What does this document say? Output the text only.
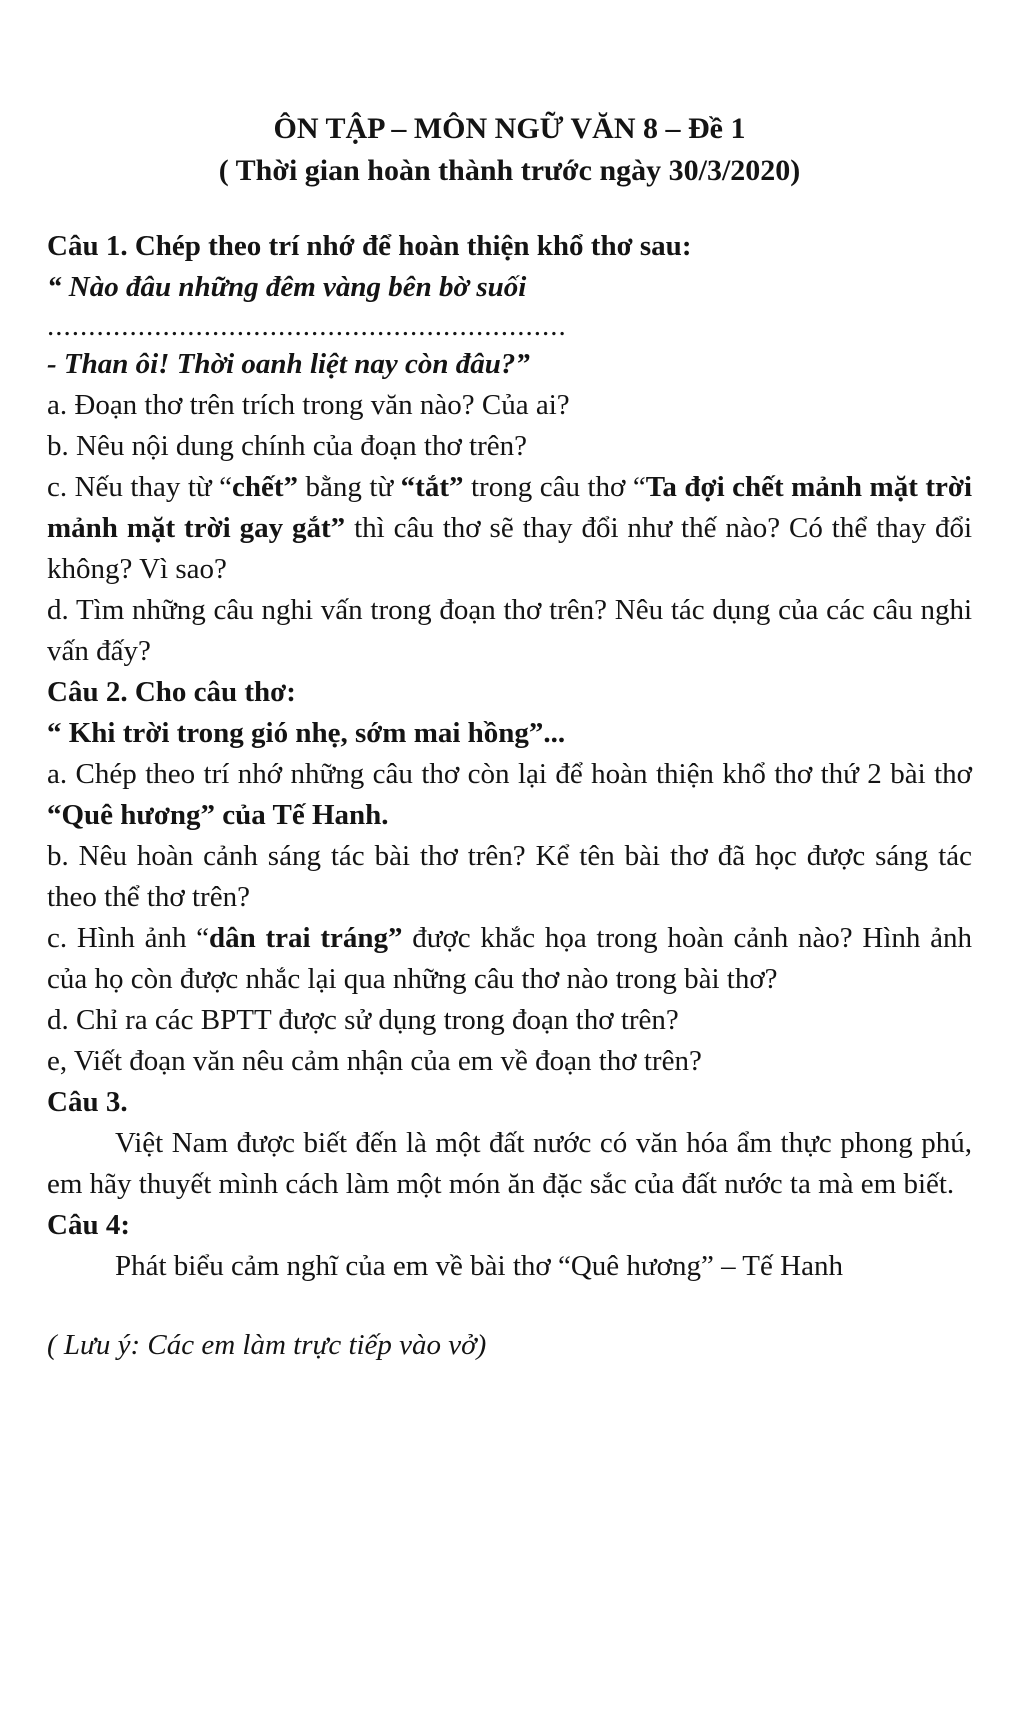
ÔN TẬP – MÔN NGỮ VĂN 8 – Đề 1
( Thời gian hoàn thành trước ngày 30/3/2020)

Câu 1. Chép theo trí nhớ để hoàn thiện khổ thơ sau:

“ Nào đâu những đêm vàng bên bờ suối

...............................................................

- Than ôi! Thời oanh liệt nay còn đâu?”

a. Đoạn thơ trên trích trong văn nào? Của ai?

b. Nêu nội dung chính của đoạn thơ trên?

c. Nếu thay từ “chết” bằng từ “tắt” trong câu thơ “Ta đợi chết mảnh mặt trời mảnh mặt trời gay gắt” thì câu thơ sẽ thay đổi như thế nào? Có thể thay đổi không? Vì sao?

d. Tìm những câu nghi vấn trong đoạn thơ trên? Nêu tác dụng của các câu nghi vấn đấy?

Câu 2. Cho câu thơ:

“ Khi trời trong gió nhẹ, sớm mai hồng”...

a. Chép theo trí nhớ những câu thơ còn lại để hoàn thiện khổ thơ thứ 2 bài thơ “Quê hương” của Tế Hanh.

b. Nêu hoàn cảnh sáng tác bài thơ trên? Kể tên bài thơ đã học được sáng tác theo thể thơ trên?

c. Hình ảnh “dân trai tráng” được khắc họa trong hoàn cảnh nào? Hình ảnh của họ còn được nhắc lại qua những câu thơ nào trong bài thơ?

d. Chỉ ra các BPTT được sử dụng trong đoạn thơ trên?

e, Viết đoạn văn nêu cảm nhận của em về đoạn thơ trên?

Câu 3.

Việt Nam được biết đến là một đất nước có văn hóa ẩm thực phong phú, em hãy thuyết mình cách làm một món ăn đặc sắc của đất nước ta mà em biết.

Câu 4:

Phát biểu cảm nghĩ của em về bài thơ “Quê hương” – Tế Hanh

( Lưu ý: Các em làm trực tiếp vào vở)
